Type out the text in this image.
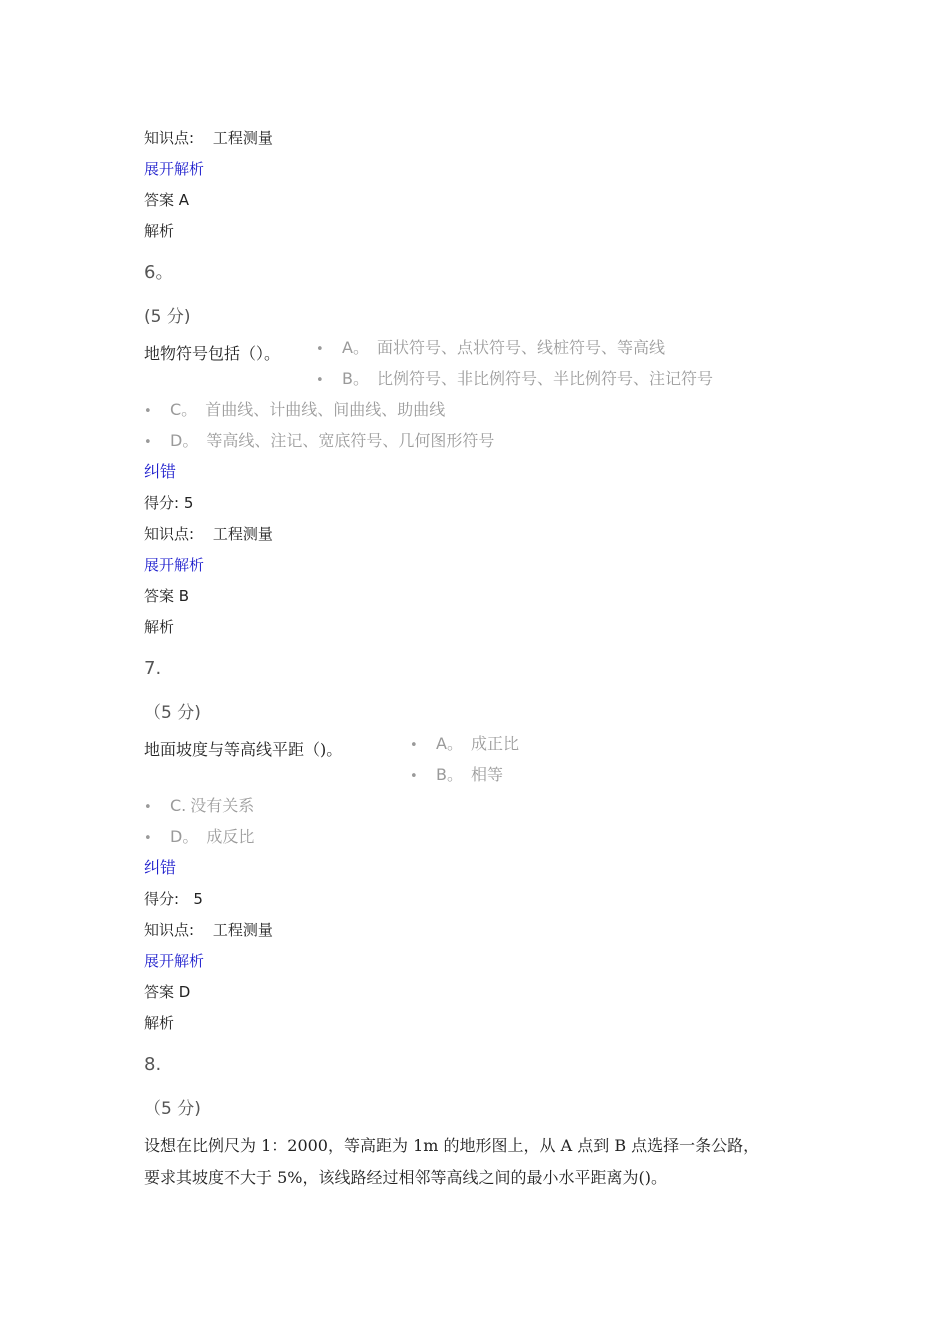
知识点: 工程测量
展开解析
答案 A
解析
6。
(5 分)
地物符号包括（）。	• A。 面状符号、点状符号、线桩符号、等高线
• B。 比例符号、非比例符号、半比例符号、注记符号
• C。 首曲线、计曲线、间曲线、助曲线
• D。 等高线、注记、宽底符号、几何图形符号
纠错
得分: 5
知识点: 工程测量
展开解析
答案 B
解析
7.
（5 分)
地面坡度与等高线平距（)。	• A。 成正比
• B。 相等
• C. 没有关系
• D。 成反比
纠错
得分:   5
知识点: 工程测量
展开解析
答案 D
解析
8.
（5 分)
设想在比例尺为 1：2000，等高距为 1m 的地形图上，从 A 点到 B 点选择一条公路，
要求其坡度不大于 5%，该线路经过相邻等高线之间的最小水平距离为()。
